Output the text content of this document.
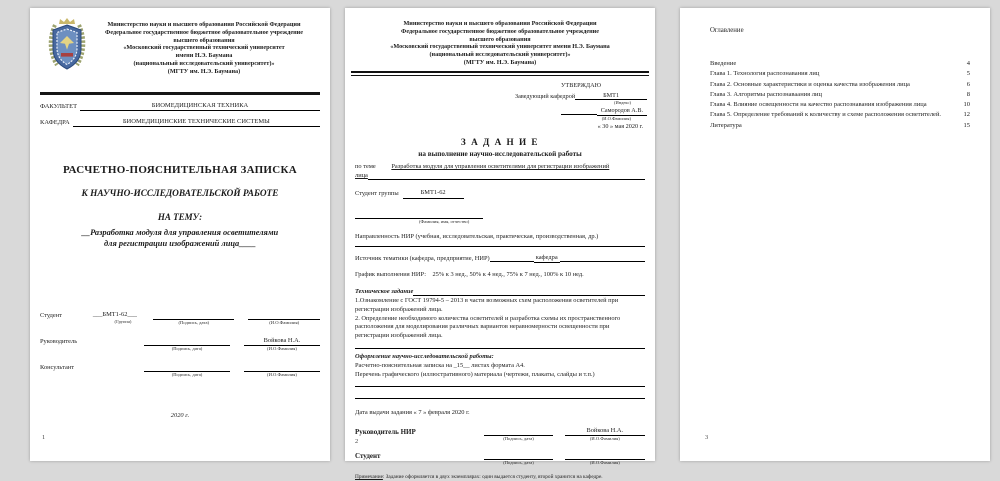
Министерство науки и высшего образования Российской Федерации
Федеральное государственное бюджетное образовательное учреждение
высшего образования
«Московский государственный технический университет
имени Н.Э. Баумана
(национальный исследовательский университет)»
(МГТУ им. Н.Э. Баумана)
ФАКУЛЬТЕТ	БИОМЕДИЦИНСКАЯ ТЕХНИКА
КАФЕДРА	БИОМЕДИЦИНСКИЕ ТЕХНИЧЕСКИЕ СИСТЕМЫ
РАСЧЕТНО-ПОЯСНИТЕЛЬНАЯ ЗАПИСКА
К НАУЧНО-ИССЛЕДОВАТЕЛЬСКОЙ РАБОТЕ
НА ТЕМУ:
__Разработка модуля для управления осветителями
для регистрации изображений лица____
Студент	___БМТ1-62___
(Группа)	(Подпись, дата)	(И.О.Фамилия)
Руководитель
(Подпись, дата)
Войкова Н.А.
(И.О.Фамилия)
Консультант
(Подпись, дата)	(И.О.Фамилия)
2020 г.
1
Министерство науки и высшего образования Российской Федерации
Федеральное государственное бюджетное образовательное учреждение
высшего образования
«Московский государственный технический университет имени Н.Э. Баумана
(национальный исследовательский университет)»
(МГТУ им. Н.Э. Баумана)
УТВЕРЖДАЮ
Заведующий кафедрой	БМТ1
(Индекс)
Самородов А.В.
(И.О.Фамилия)
« 30 » мая 2020 г.
З А Д А Н И Е
на выполнение научно-исследовательской работы

по теме Разработка модуля для управления осветителями для регистрации изображений

лица
Студент группы	БМТ1-62
(Фамилия, имя, отчество)
Направленность НИР (учебная, исследовательская, практическая, производственная, др.)
Источник тематики (кафедра, предприятие, НИР)	кафедра
График выполнения НИР: 25% к 3 нед., 50% к 4 нед., 75% к 7 нед., 100% к 10 нед.
Техническое задание

1.Ознакомление с ГОСТ 19794-5 – 2013 в части возможных схем расположения осветителей при регистрации изображений лица.

2. Определение необходимого количества осветителей и разработка схемы их пространственного расположения для моделирования различных вариантов неравномерности освещенности при регистрации изображений лица.

Оформление научно-исследовательской работы:

Расчетно-пояснительная записка на _15__ листах формата А4.

Перечень графического (иллюстративного) материала (чертежи, плакаты, слайды и т.п.)

Дата выдачи задания « 7 » февраля 2020 г.
Руководитель НИР
(Подпись, дата)
Войкова Н.А.
(И.О.Фамилия)
Студент
(Подпись, дата)	(И.О.Фамилия)
Примечание: Задание оформляется в двух экземплярах: один выдается студенту, второй хранится на кафедре.
2
Оглавление
Введение	4
Глава 1. Технология распознавания лиц	5
Глава 2. Основные характеристики и оценка качества изображения лица	6
Глава 3. Алгоритмы распознаваания лиц	8
Глава 4. Влияние освещенности на качество распознавания изображения лица	10
Глава 5. Определение требований к количеству и схеме расположения осветителей.	12
Литература	15
3
